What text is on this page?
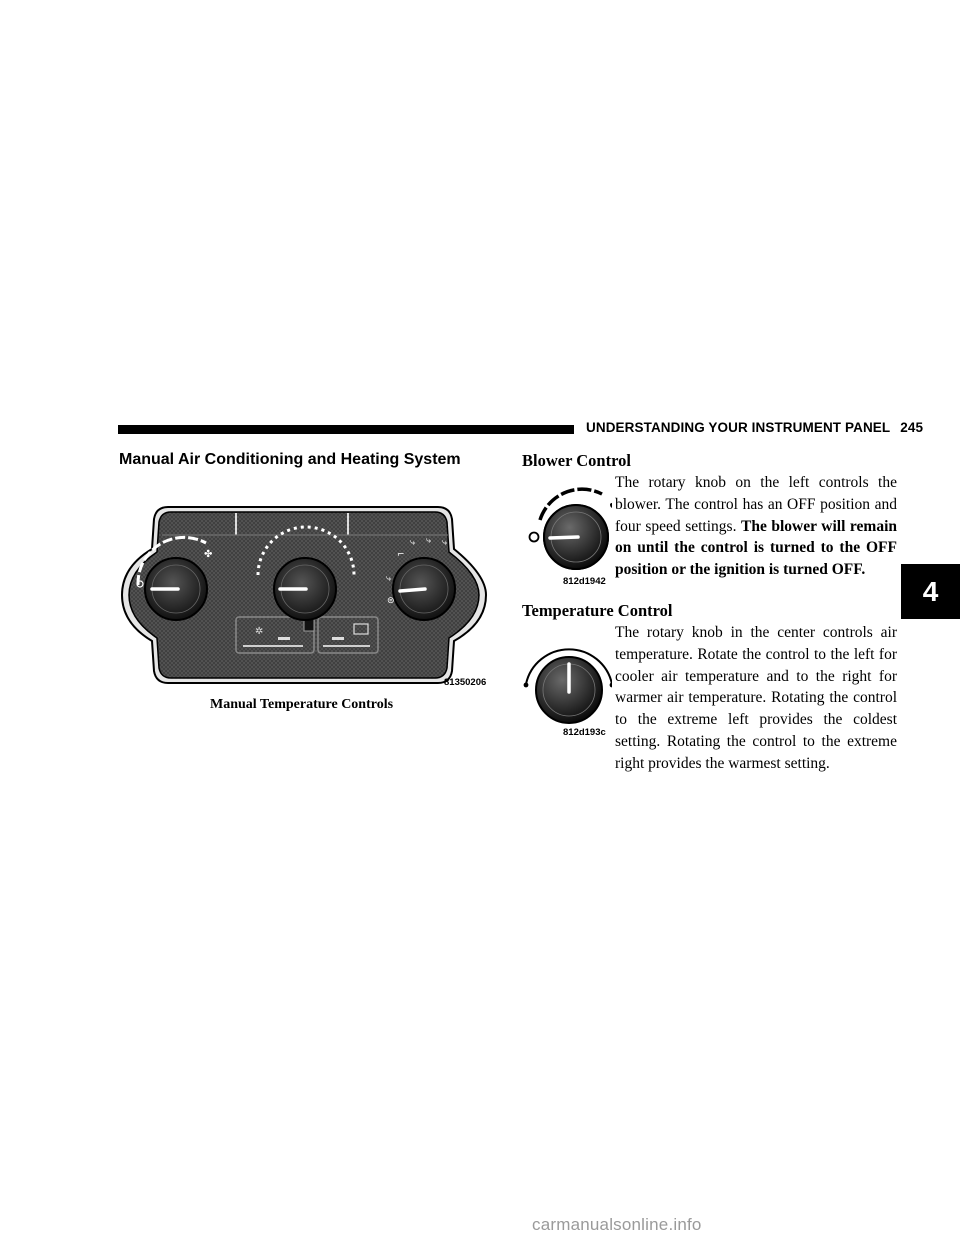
UNDERSTANDING YOUR INSTRUMENT PANEL 245
4
Manual Air Conditioning and Heating System
✲
✤	⌐
⤷ ⤷ ⤷
⤷
⤷
⊜
81350206
Manual Temperature Controls
Blower Control
812d1942
The rotary knob on the left controls the blower. The control has an OFF position and four speed settings. The blower will remain on until the control is turned to the OFF position or the ignition is turned OFF.
Temperature Control
812d193c
The rotary knob in the center controls air temperature. Rotate the control to the left for cooler air temperature and to the right for warmer air temperature. Rotating the control to the extreme left provides the coldest setting. Rotating the control to the extreme right provides the warmest setting.
carmanualsonline.info
